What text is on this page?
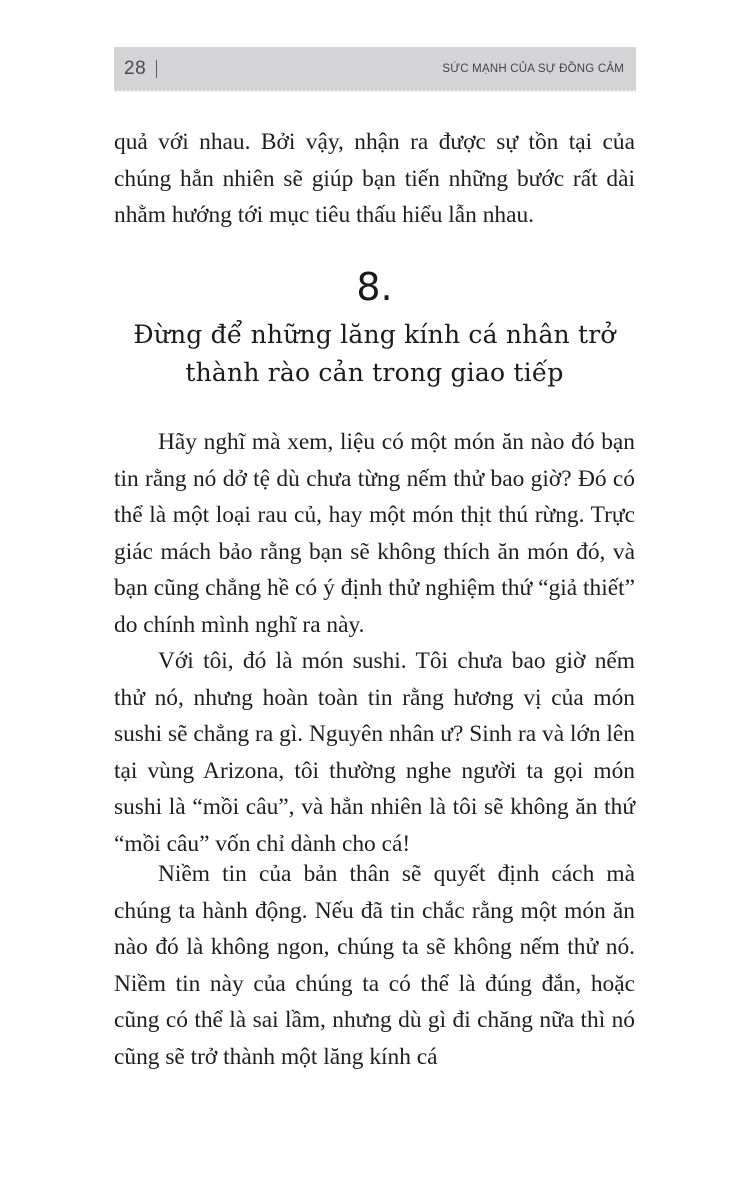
28	SỨC MẠNH CỦA SỰ ĐỒNG CẢM

quả với nhau. Bởi vậy, nhận ra được sự tồn tại của chúng hẳn nhiên sẽ giúp bạn tiến những bước rất dài nhằm hướng tới mục tiêu thấu hiểu lẫn nhau.

8.
Đừng để những lăng kính cá nhân trở thành rào cản trong giao tiếp

Hãy nghĩ mà xem, liệu có một món ăn nào đó bạn tin rằng nó dở tệ dù chưa từng nếm thử bao giờ? Đó có thể là một loại rau củ, hay một món thịt thú rừng. Trực giác mách bảo rằng bạn sẽ không thích ăn món đó, và bạn cũng chẳng hề có ý định thử nghiệm thứ “giả thiết” do chính mình nghĩ ra này.

Với tôi, đó là món sushi. Tôi chưa bao giờ nếm thử nó, nhưng hoàn toàn tin rằng hương vị của món sushi sẽ chẳng ra gì. Nguyên nhân ư? Sinh ra và lớn lên tại vùng Arizona, tôi thường nghe người ta gọi món sushi là “mồi câu”, và hẳn nhiên là tôi sẽ không ăn thứ “mồi câu” vốn chỉ dành cho cá!

Niềm tin của bản thân sẽ quyết định cách mà chúng ta hành động. Nếu đã tin chắc rằng một món ăn nào đó là không ngon, chúng ta sẽ không nếm thử nó. Niềm tin này của chúng ta có thể là đúng đắn, hoặc cũng có thể là sai lầm, nhưng dù gì đi chăng nữa thì nó cũng sẽ trở thành một lăng kính cá
